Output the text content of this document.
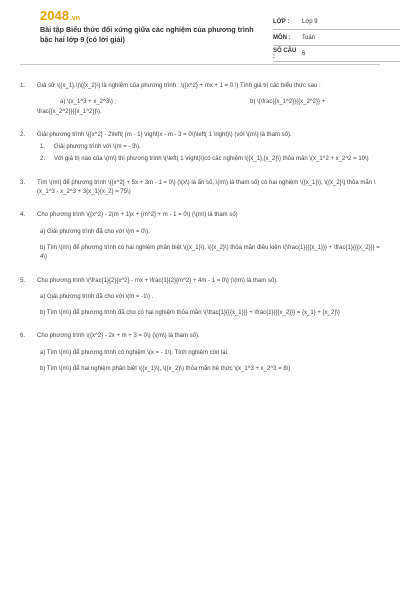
2048.vn
Bài tập Biểu thức đối xứng giữa các nghiệm của phương trình bậc hai lớp 9 (có lời giải)
LỚP :	Lớp 9
MÔN :	Toán
SỐ CÂU :	6
1.	Giả sử \({x_1},\)\({x_2}\) là nghiệm của phương trình : \({x^2} + mx + 1 = 0.\) Tính giá trị các biểu thức sau :
a) \(x_1^3 + x_2^3\) ;	b) \(\frac{{x_1^2}}{{x_2^2}} +
\frac{{x_2^2}}{{x_1^2}}\).
2.	Giải phương trình \({x^2} - 2\left( {m - 1} \right)x - m - 3 = 0\)\left( 1 \right)\) (với \(m\) là tham số).
1.	Giải phương trình với \(m = - 3\).
2.	Với giá trị nào của \(m\) thì phương trình \(\left( 1 \right)\)có các nghiệm \({x_1},{x_2}\) thỏa mãn \(x_1^2 + x_2^2 = 10\)
3.	Tìm \(m\) để phương trình \({x^2} + 5x + 3m - 1 = 0\) (\(x\) là ẩn số, \(m\) là tham số) có hai nghiệm \({x_1}\), \({x_2}\) thỏa mãn \(x_1^3 - x_2^3 + 3{x_1}{x_2} = 75\)
4.	Cho phương trình \({x^2} - 2(m + 1)x + {m^2} + m - 1 = 0\) (\(m\) là tham số)
a) Giải phương trình đã cho với \(m = 0\).
b) Tìm \(m\) để phương trình có hai nghiệm phân biệt \({x_1}\), \({x_2}\) thỏa mãn điều kiện \(\frac{1}{{{x_1}}} + \frac{1}{{{x_2}}} = 4\)
5.	Cho phương trình \(\frac{1}{2}{x^2} - mx + \frac{1}{2}{m^2} + 4m - 1 = 0\) (\(m\) là tham số).
a) Giải phương trình đã cho với \(m = -1\) .
b) Tìm \(m\) để phương trình đã cho có hai nghiệm thỏa mãn \(\frac{1}{{{x_1}}} + \frac{1}{{{x_2}}} = {x_1} + {x_2}\)
6.	Cho phương trình \({x^2} - 2x + m + 3 = 0\) (\(m\) là tham số).
a) Tìm \(m\) để phương trình có nghiệm \(x = - 1\). Tính nghiệm còn lại.
b) Tìm \(m\) để hai nghiệm phân biệt \({x_1}\), \({x_2}\) thỏa mãn hệ thức \(x_1^3 + x_2^3 = 8\)
